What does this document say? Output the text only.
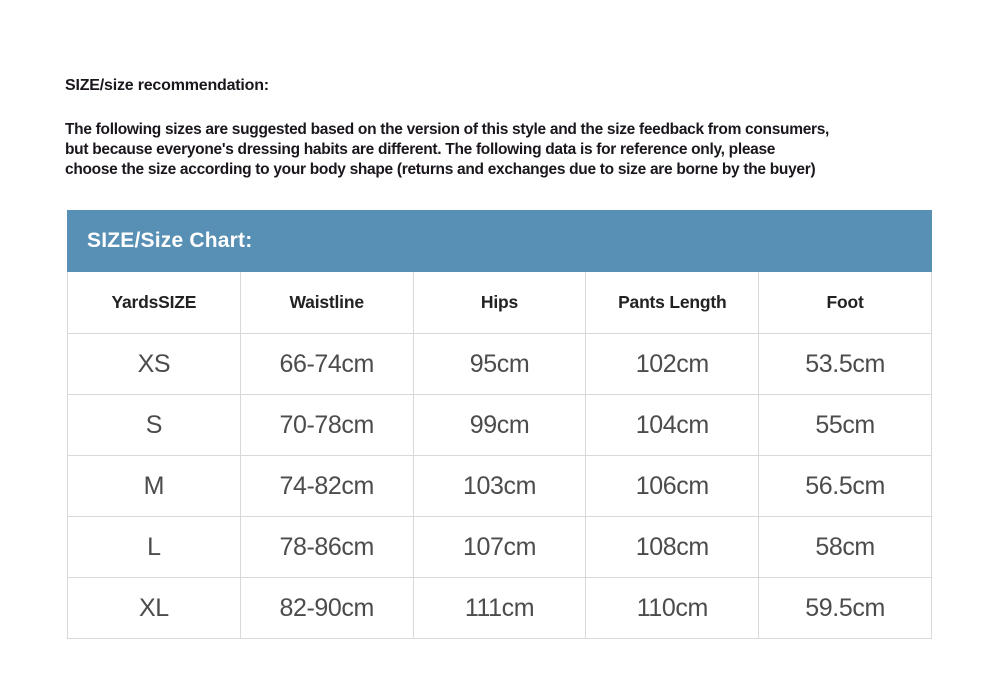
SIZE/size recommendation:
The following sizes are suggested based on the version of this style and the size feedback from consumers,
but because everyone's dressing habits are different. The following data is for reference only, please
choose the size according to your body shape (returns and exchanges due to size are borne by the buyer)
SIZE/Size Chart:
YardsSIZE	Waistline	Hips	Pants Length	Foot
XS	66-74cm	95cm	102cm	53.5cm
S	70-78cm	99cm	104cm	55cm
M	74-82cm	103cm	106cm	56.5cm
L	78-86cm	107cm	108cm	58cm
XL	82-90cm	111cm	110cm	59.5cm
